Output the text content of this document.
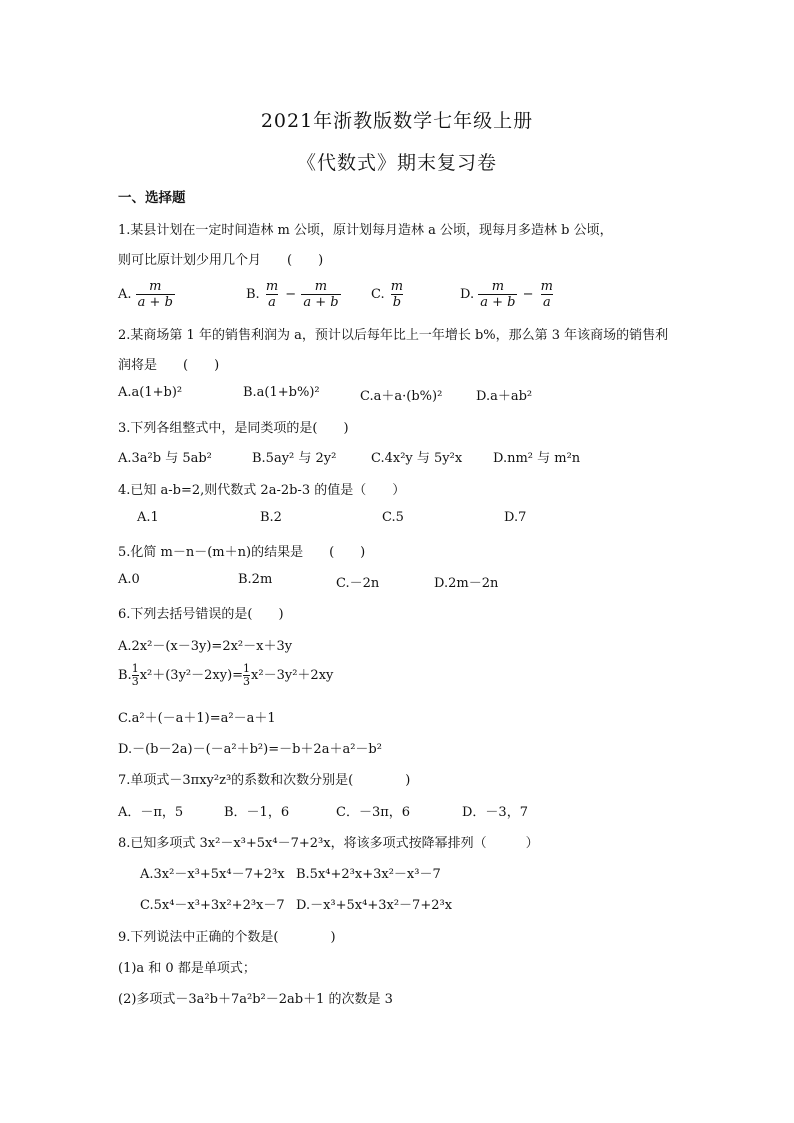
2021年浙教版数学七年级上册
《代数式》期末复习卷
一、选择题
1.某县计划在一定时间造林 m 公顷，原计划每月造林 a 公顷，现每月多造林 b 公顷，
则可比原计划少用几个月　　(　　)
A. $\frac{m}{a + b}$	B. $\frac{m}{a} - \frac{m}{a + b} C$. $\frac{m}{b}$	D. $\frac{m}{a + b} - \frac{m}{a}$
2.某商场第 1 年的销售利润为 a，预计以后每年比上一年增长 b%，那么第 3 年该商场的销售利
润将是　　(　　)
A.a(1+b)²	B.a(1+b%)²	C.a＋a·(b%)²	D.a＋ab²
3.下列各组整式中，是同类项的是(　　)
A.3a²b 与 5ab²	B.5ay² 与 2y²	C.4x²y 与 5y²x D.nm² 与 m²n
4.已知 a-b=2,则代数式 2a-2b-3 的值是（　　）
A.1	B.2	C.5	D.7
5.化简 m－n－(m＋n)的结果是　　(　　)
A.0	B.2m	C.－2n	D.2m－2n
6.下列去括号错误的是(　　)
A.2x²－(x－3y)=2x²－x＋3y
B. $\frac{1}{3} x^2+(3y^2-2xy)= \frac{1}{3} x^2-3y^2+2xy$
C.a²＋(－a＋1)=a²－a＋1
D.－(b－2a)－(－a²＋b²)=－b＋2a＋a²－b²
7.单项式－3πxy²z³的系数和次数分别是(　　　　)
A．－π，5	B．－1，6	C．－3π，6	D．－3，7
8.已知多项式 3x²－x³+5x⁴－7+2³x，将该多项式按降幂排列（　　　）
A.3x²－x³+5x⁴－7+2³x B.5x⁴+2³x+3x²－x³－7
C.5x⁴－x³+3x²+2³x－7 D.－x³+5x⁴+3x²－7+2³x
9.下列说法中正确的个数是(　　　　)
(1)a 和 0 都是单项式；
(2)多项式－3a²b＋7a²b²－2ab＋1 的次数是 3
